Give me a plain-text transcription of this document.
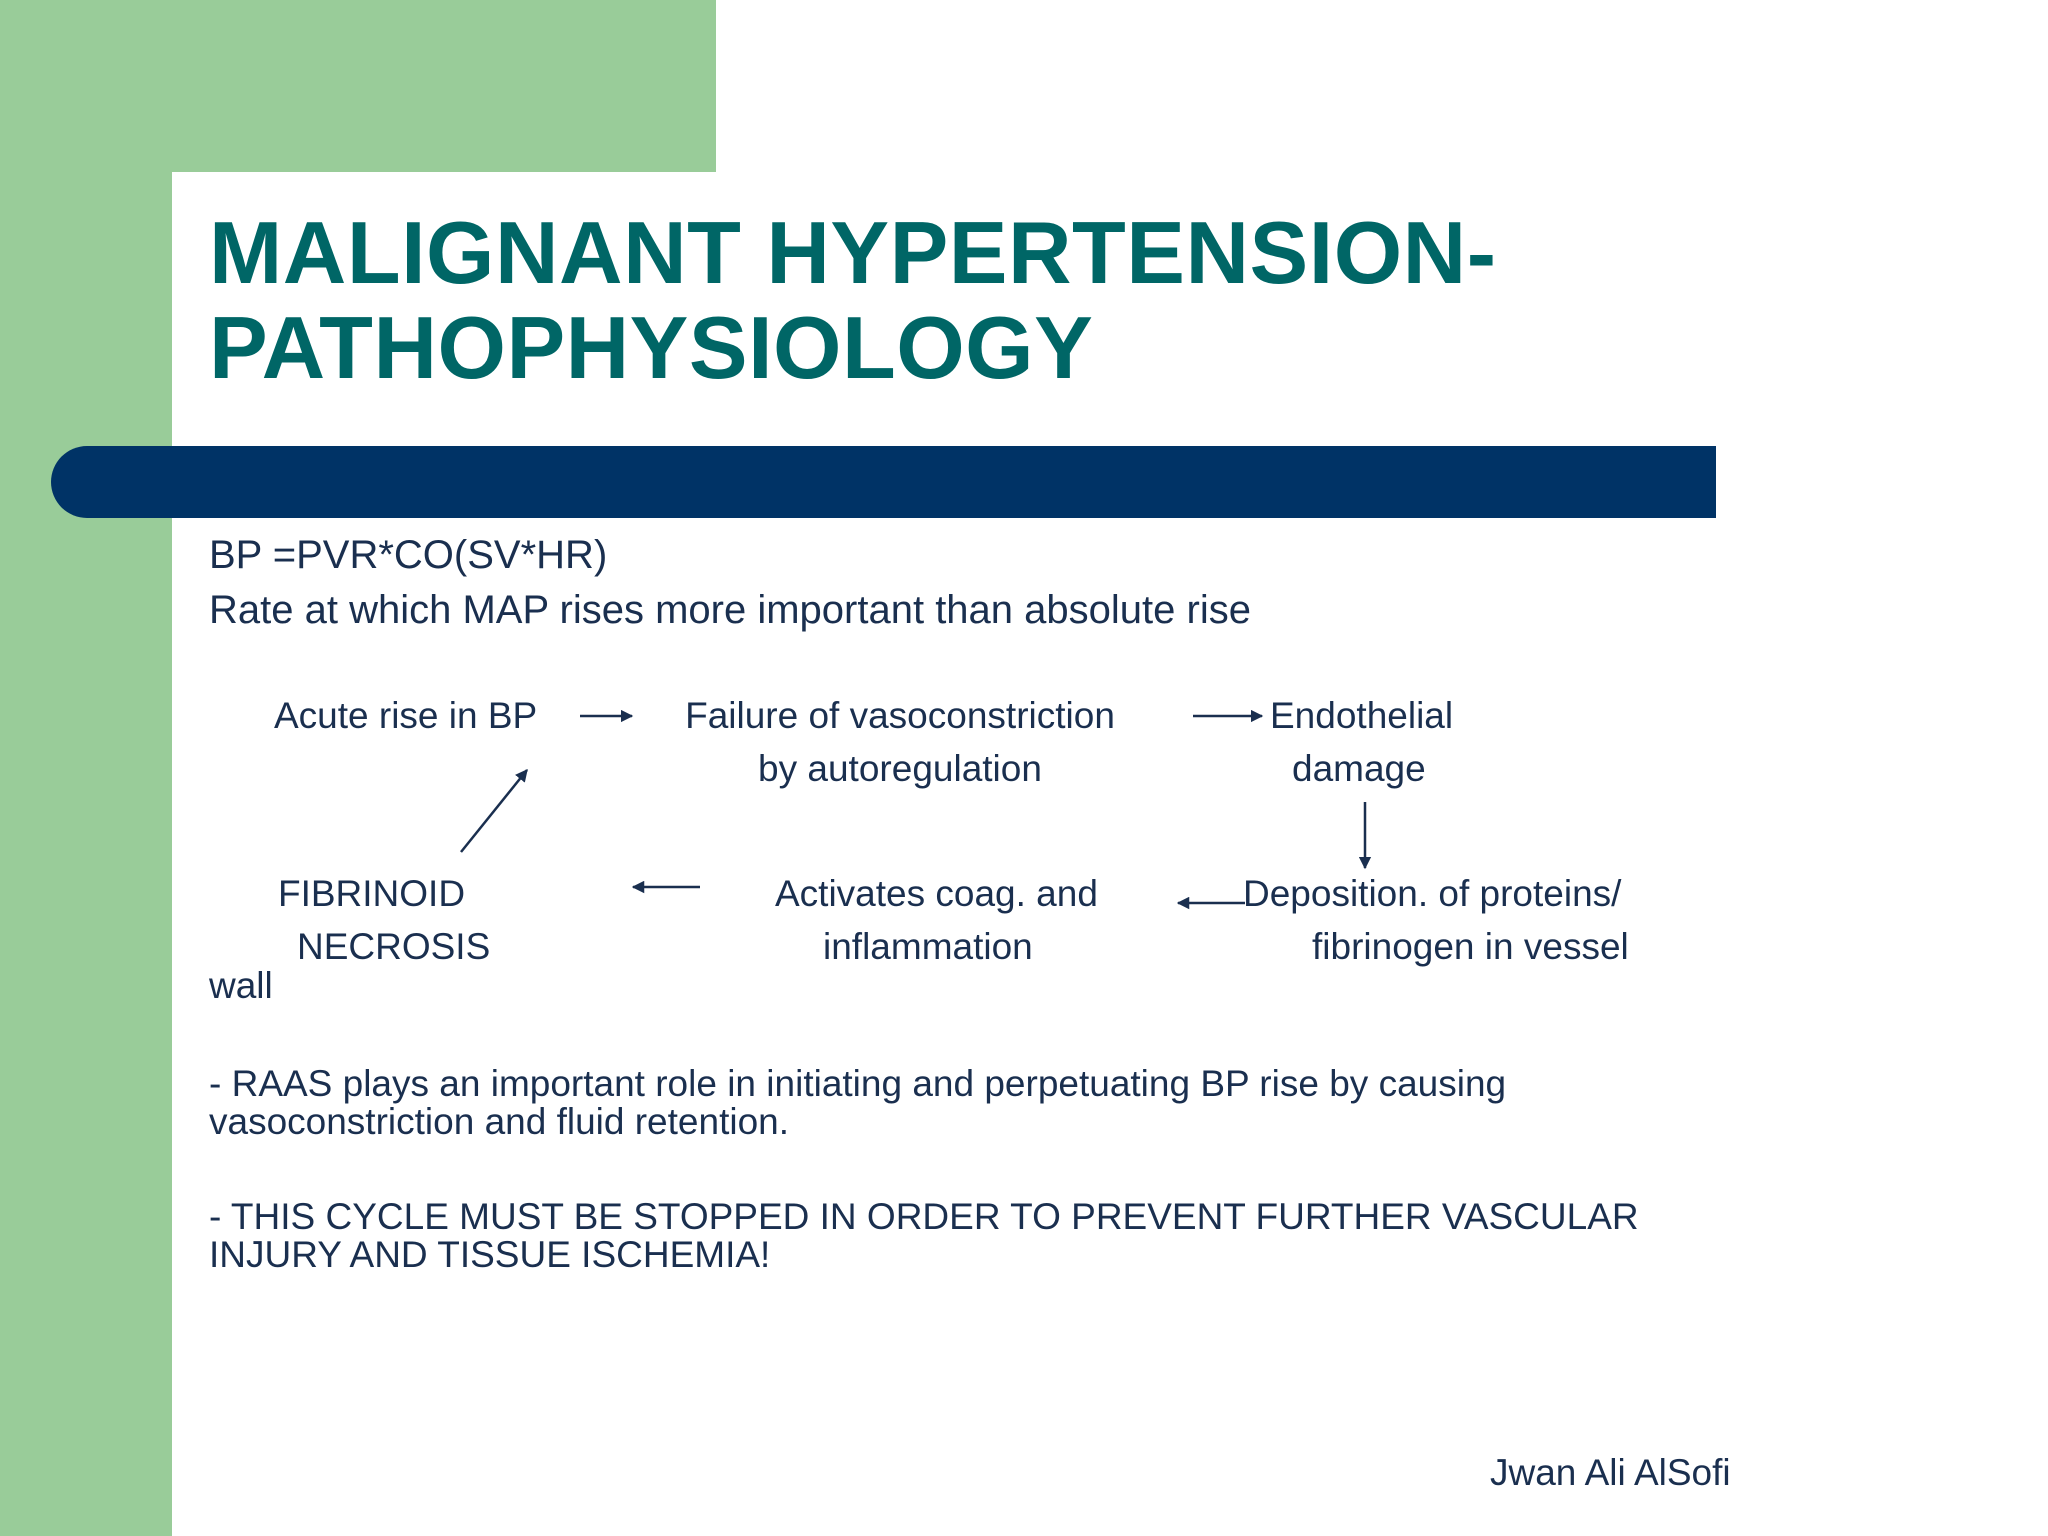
MALIGNANT HYPERTENSION-
PATHOPHYSIOLOGY
BP =PVR*CO(SV*HR)
Rate at which MAP rises more important than absolute rise
Acute rise in BP	Failure of vasoconstriction
by autoregulation
Endothelial
damage
Deposition. of proteins/
fibrinogen in vessel
wall
Activates coag. and
inflammation
FIBRINOID
NECROSIS
- RAAS plays an important role in initiating and perpetuating BP rise by causing
vasoconstriction and fluid retention.
- THIS CYCLE MUST BE STOPPED IN ORDER TO PREVENT FURTHER VASCULAR
INJURY AND TISSUE ISCHEMIA!
Jwan Ali AlSofi
